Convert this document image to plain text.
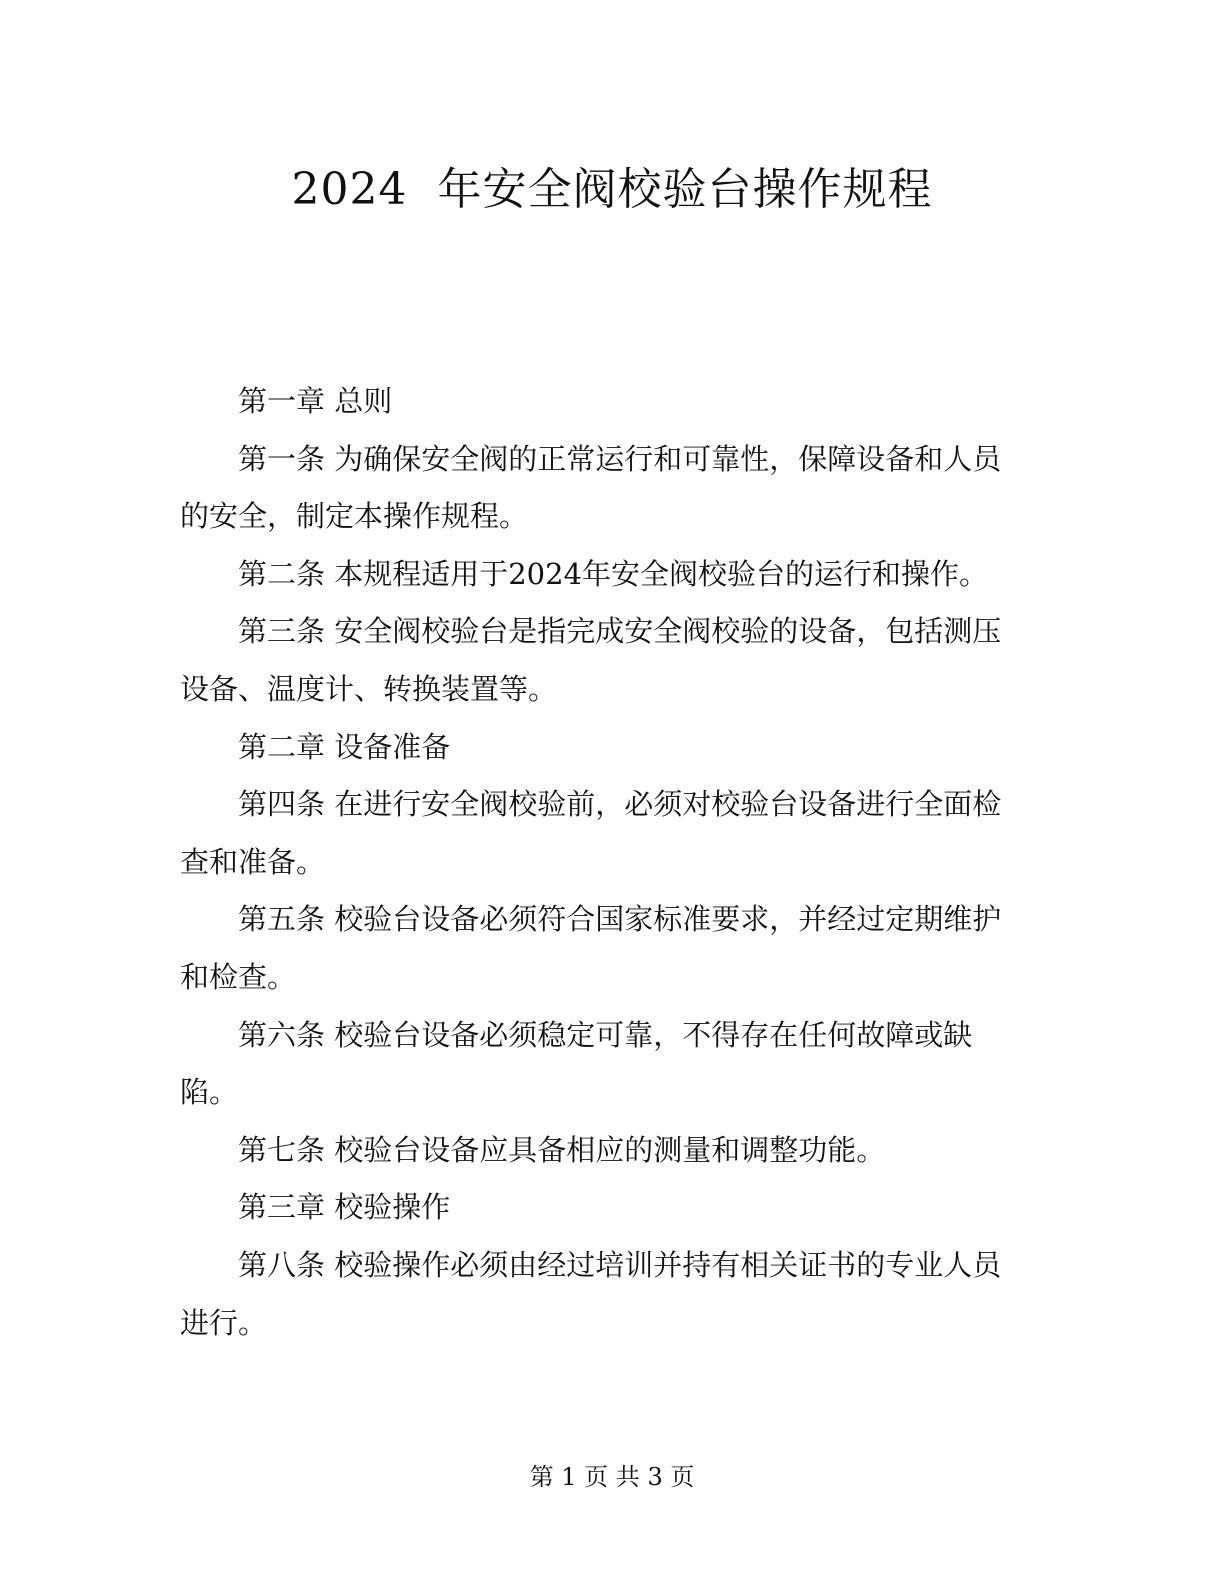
2024  年安全阀校验台操作规程

第一章 总则

第一条 为确保安全阀的正常运行和可靠性，保障设备和人员的安全，制定本操作规程。

第二条 本规程适用于2024年安全阀校验台的运行和操作。

第三条 安全阀校验台是指完成安全阀校验的设备，包括测压设备、温度计、转换装置等。

第二章 设备准备

第四条 在进行安全阀校验前，必须对校验台设备进行全面检查和准备。

第五条 校验台设备必须符合国家标准要求，并经过定期维护和检查。

第六条 校验台设备必须稳定可靠，不得存在任何故障或缺陷。

第七条 校验台设备应具备相应的测量和调整功能。

第三章 校验操作

第八条 校验操作必须由经过培训并持有相关证书的专业人员进行。

第 1 页 共 3 页
